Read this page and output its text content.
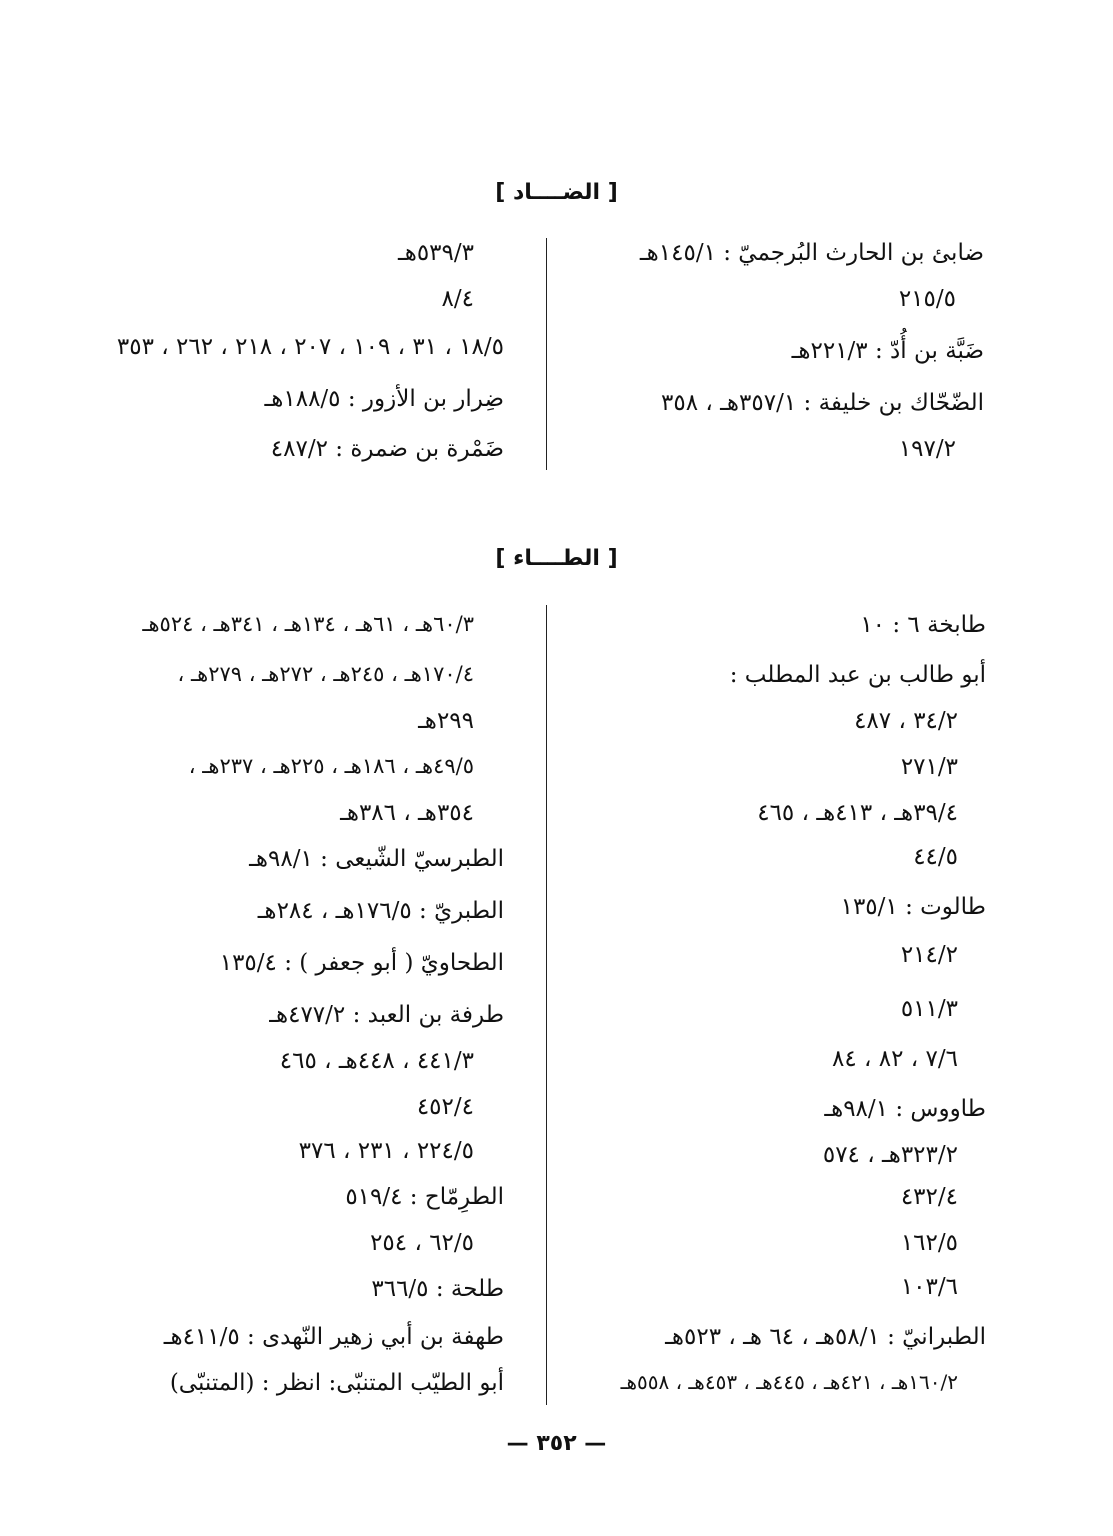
[ الضــــاد ]
ضابئ بن الحارث البُرجميّ : ١٤٥/١هـ
٢١٥/٥
ضَبَّة بن أُدّ : ٢٢١/٣هـ
الضّحّاك بن خليفة : ٣٥٧/١هـ ، ٣٥٨
١٩٧/٢
٥٣٩/٣هـ
٨/٤
١٨/٥ ، ٣١ ، ١٠٩ ، ٢٠٧ ، ٢١٨ ، ٢٦٢ ، ٣٥٣
ضِرار بن الأزور : ١٨٨/٥هـ
ضَمْرة بن ضمرة : ٤٨٧/٢
[ الطــــاء ]
طابخة ٦ : ١٠
أبو طالب بن عبد المطلب :
٣٤/٢ ، ٤٨٧
٢٧١/٣
٣٩/٤هـ ، ٤١٣هـ ، ٤٦٥
٤٤/٥
طالوت : ١٣٥/١
٢١٤/٢
٥١١/٣
٧/٦ ، ٨٢ ، ٨٤
طاووس : ٩٨/١هـ
٣٢٣/٢هـ ، ٥٧٤
٤٣٢/٤
١٦٢/٥
١٠٣/٦
الطبرانيّ : ٥٨/١هـ ، ٦٤ هـ ، ٥٢٣هـ
١٦٠/٢هـ ، ٤٢١هـ ، ٤٤٥هـ ، ٤٥٣هـ ، ٥٥٨هـ
٦٠/٣هـ ، ٦١هـ ، ١٣٤هـ ، ٣٤١هـ ، ٥٢٤هـ
١٧٠/٤هـ ، ٢٤٥هـ ، ٢٧٢هـ ، ٢٧٩هـ ،
٢٩٩هـ
٤٩/٥هـ ، ١٨٦هـ ، ٢٢٥هـ ، ٢٣٧هـ ،
٣٥٤هـ ، ٣٨٦هـ
الطبرسيّ الشّيعى : ٩٨/١هـ
الطبريّ : ١٧٦/٥هـ ، ٢٨٤هـ
الطحاويّ ( أبو جعفر ) : ١٣٥/٤
طرفة بن العبد : ٤٧٧/٢هـ
٤٤١/٣ ، ٤٤٨هـ ، ٤٦٥
٤٥٢/٤
٢٢٤/٥ ، ٢٣١ ، ٣٧٦
الطرِمّاح : ٥١٩/٤
٦٢/٥ ، ٢٥٤
طلحة : ٣٦٦/٥
طهفة بن أبي زهير النّهدى : ٤١١/٥هـ
أبو الطيّب المتنبّى: انظر : (المتنبّى)
— ٣٥٢ —
